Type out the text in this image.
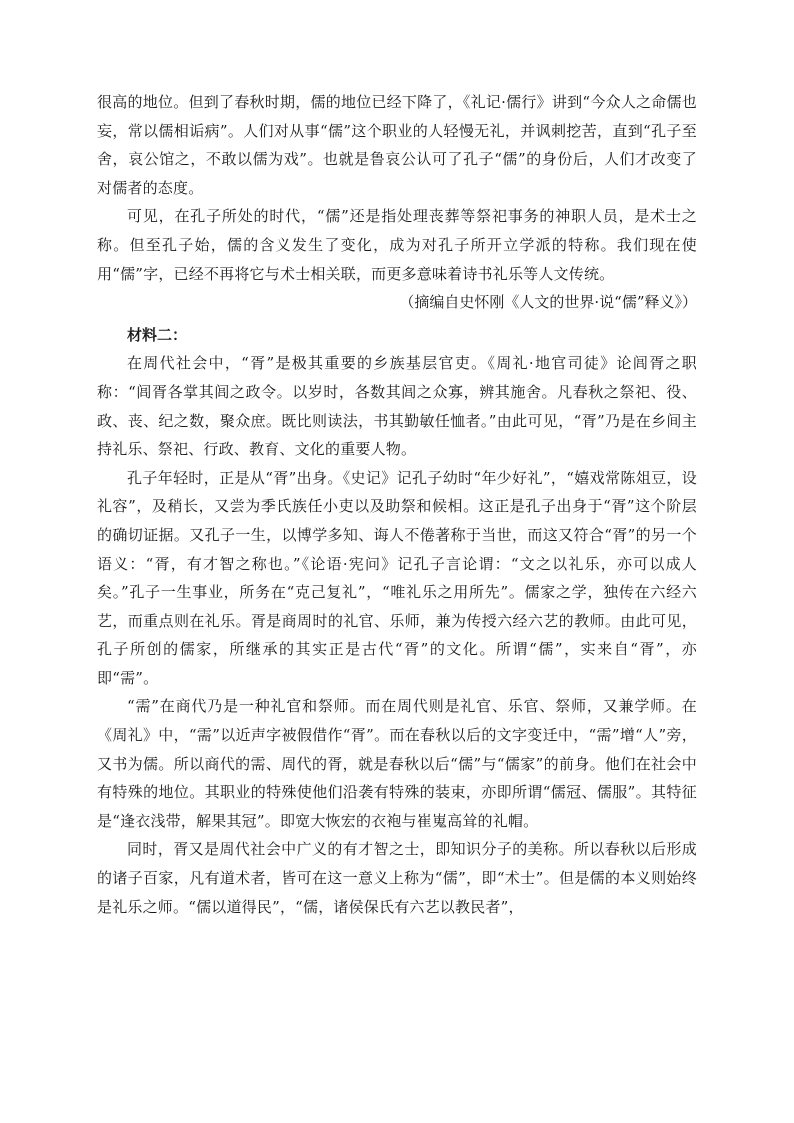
很高的地位。但到了春秋时期，儒的地位已经下降了，《礼记·儒行》讲到“今众人之命儒也妄，常以儒相诟病”。人们对从事“儒”这个职业的人轻慢无礼，并讽刺挖苦，直到“孔子至舍，哀公馆之，不敢以儒为戏”。也就是鲁哀公认可了孔子“儒”的身份后，人们才改变了对儒者的态度。

可见，在孔子所处的时代，“儒”还是指处理丧葬等祭祀事务的神职人员，是术士之称。但至孔子始，儒的含义发生了变化，成为对孔子所开立学派的特称。我们现在使用“儒”字，已经不再将它与术士相关联，而更多意味着诗书礼乐等人文传统。

（摘编自史怀刚《人文的世界·说“儒”释义》）

材料二：

在周代社会中，“胥”是极其重要的乡族基层官吏。《周礼·地官司徒》论闾胥之职称：“闾胥各掌其闾之政令。以岁时，各数其闾之众寡，辨其施舍。凡春秋之祭祀、役、政、丧、纪之数，聚众庶。既比则读法，书其勤敏任恤者。”由此可见，“胥”乃是在乡间主持礼乐、祭祀、行政、教育、文化的重要人物。

孔子年轻时，正是从“胥”出身。《史记》记孔子幼时“年少好礼”，“嬉戏常陈俎豆，设礼容”，及稍长，又尝为季氏族任小吏以及助祭和候相。这正是孔子出身于“胥”这个阶层的确切证据。又孔子一生，以博学多知、诲人不倦著称于当世，而这又符合“胥”的另一个语义：“胥，有才智之称也。”《论语·宪问》记孔子言论谓：“文之以礼乐，亦可以成人矣。”孔子一生事业，所务在“克己复礼”，“唯礼乐之用所先”。儒家之学，独传在六经六艺，而重点则在礼乐。胥是商周时的礼官、乐师，兼为传授六经六艺的教师。由此可见，孔子所创的儒家，所继承的其实正是古代“胥”的文化。所谓“儒”，实来自“胥”，亦即“需”。

“需”在商代乃是一种礼官和祭师。而在周代则是礼官、乐官、祭师，又兼学师。在《周礼》中，“需”以近声字被假借作“胥”。而在春秋以后的文字变迁中，“需”增“人”旁，又书为儒。所以商代的需、周代的胥，就是春秋以后“儒”与“儒家”的前身。他们在社会中有特殊的地位。其职业的特殊使他们沿袭有特殊的装束，亦即所谓“儒冠、儒服”。其特征是“逢衣浅带，解果其冠”。即宽大恢宏的衣袍与崔嵬高耸的礼帽。

同时，胥又是周代社会中广义的有才智之士，即知识分子的美称。所以春秋以后形成的诸子百家，凡有道术者，皆可在这一意义上称为“儒”，即“术士”。但是儒的本义则始终是礼乐之师。“儒以道得民”，“儒，诸侯保氏有六艺以教民者”，
